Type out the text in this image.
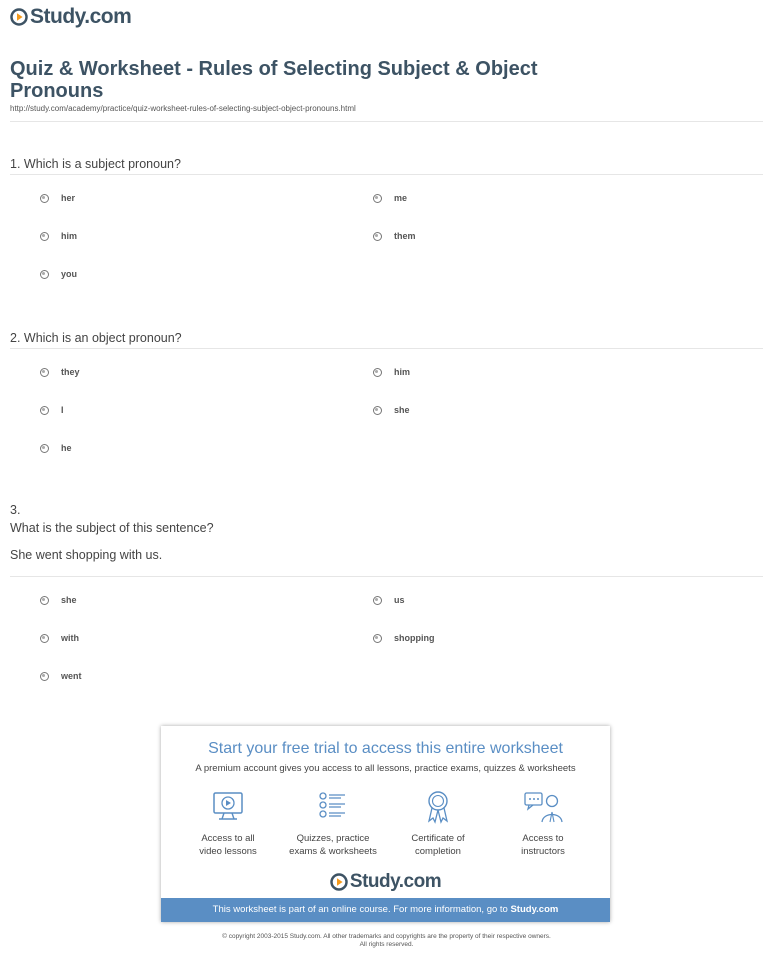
Study.com
Quiz & Worksheet - Rules of Selecting Subject & Object Pronouns
http://study.com/academy/practice/quiz-worksheet-rules-of-selecting-subject-object-pronouns.html
1. Which is a subject pronoun?
her	me
him	them
you
2. Which is an object pronoun?
they	him
I	she
he
3.
What is the subject of this sentence?
She went shopping with us.
she	us
with	shopping
went
Start your free trial to access this entire worksheet
A premium account gives you access to all lessons, practice exams, quizzes & worksheets
Access to all
video lessons
Quizzes, practice
exams & worksheets
Certificate of
completion
Access to
instructors
Study.com
This worksheet is part of an online course. For more information, go to Study.com
© copyright 2003-2015 Study.com. All other trademarks and copyrights are the property of their respective owners.
All rights reserved.
